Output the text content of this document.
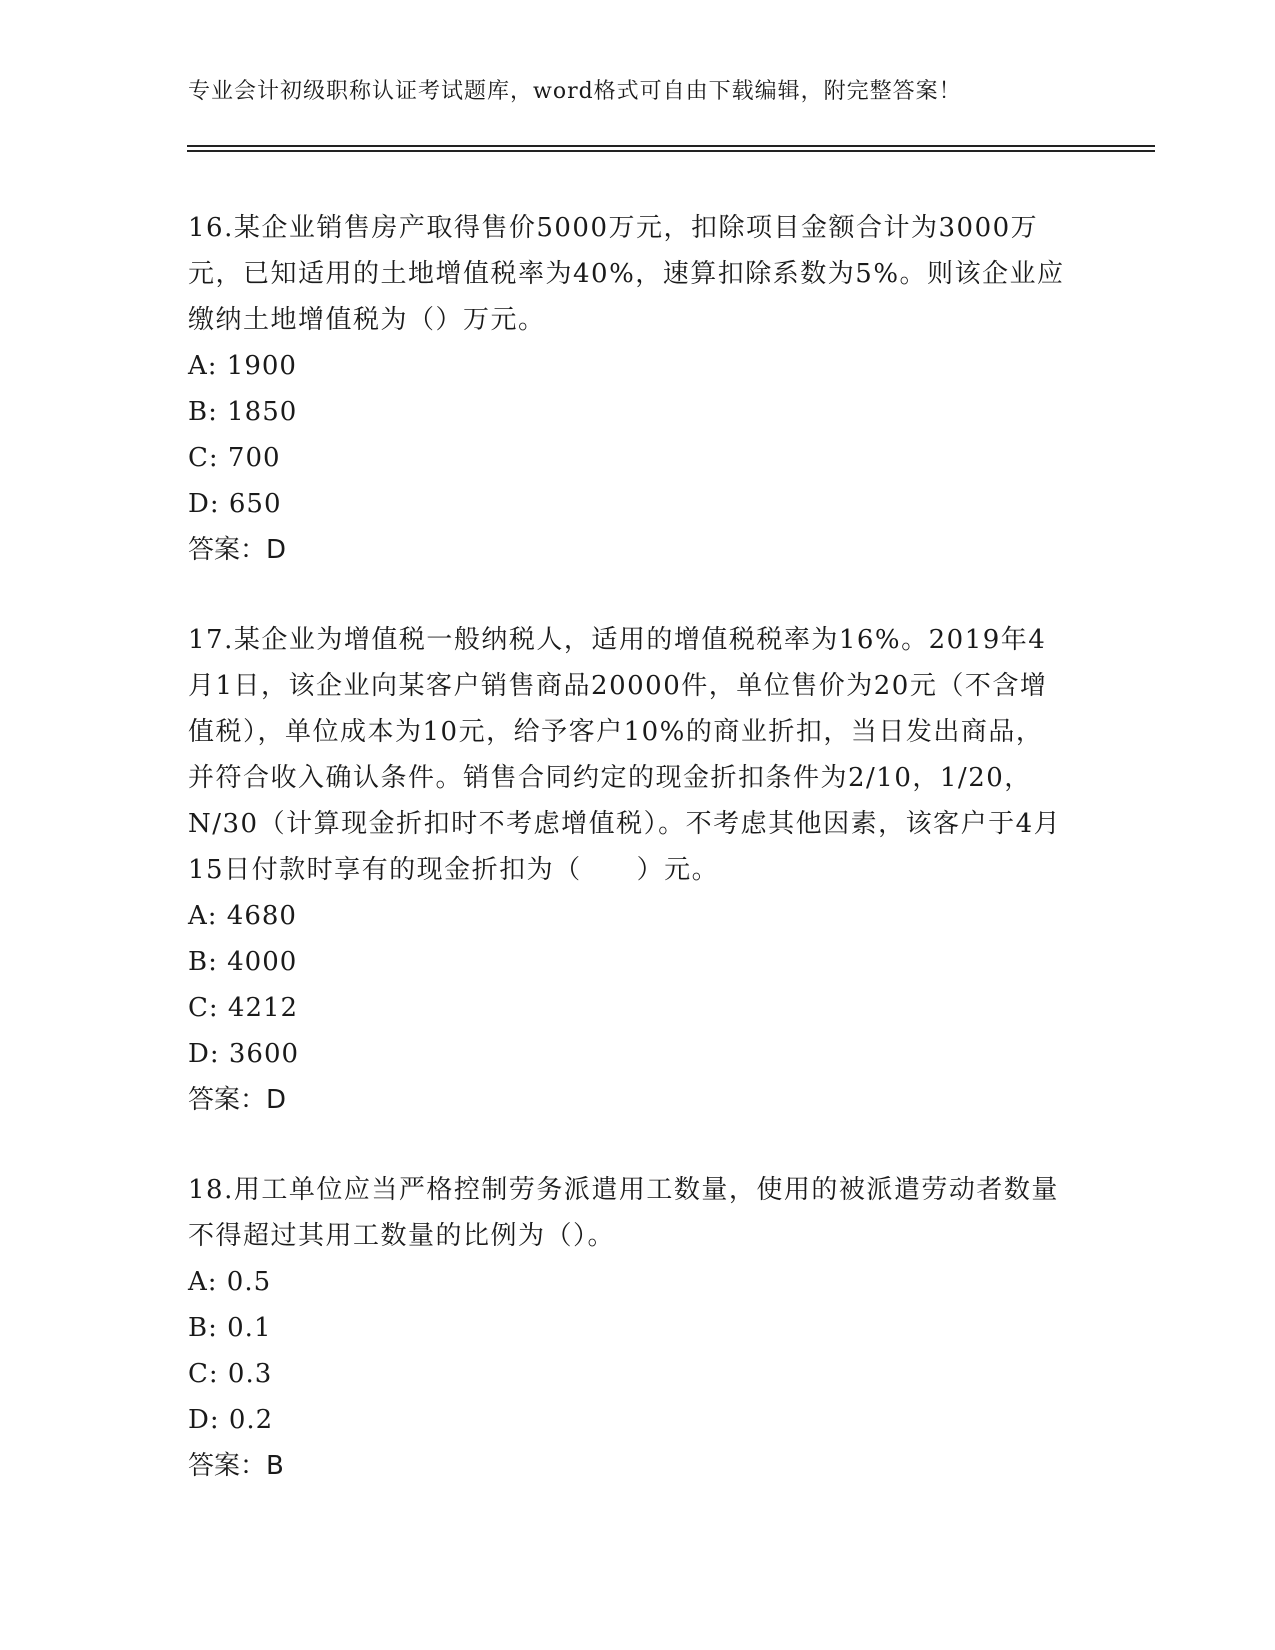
专业会计初级职称认证考试题库，word格式可自由下载编辑，附完整答案！

16.某企业销售房产取得售价5000万元，扣除项目金额合计为3000万元，已知适用的土地增值税率为40%，速算扣除系数为5%。则该企业应缴纳土地增值税为（）万元。

A: 1900

B: 1850

C: 700

D: 650

答案：D

17.某企业为增值税一般纳税人，适用的增值税税率为16%。2019年4月1日，该企业向某客户销售商品20000件，单位售价为20元（不含增值税），单位成本为10元，给予客户10%的商业折扣，当日发出商品，并符合收入确认条件。销售合同约定的现金折扣条件为2/10，1/20，N/30（计算现金折扣时不考虑增值税）。不考虑其他因素，该客户于4月15日付款时享有的现金折扣为（　　）元。

A: 4680

B: 4000

C: 4212

D: 3600

答案：D

18.用工单位应当严格控制劳务派遣用工数量，使用的被派遣劳动者数量不得超过其用工数量的比例为（）。

A: 0.5

B: 0.1

C: 0.3

D: 0.2

答案：B
